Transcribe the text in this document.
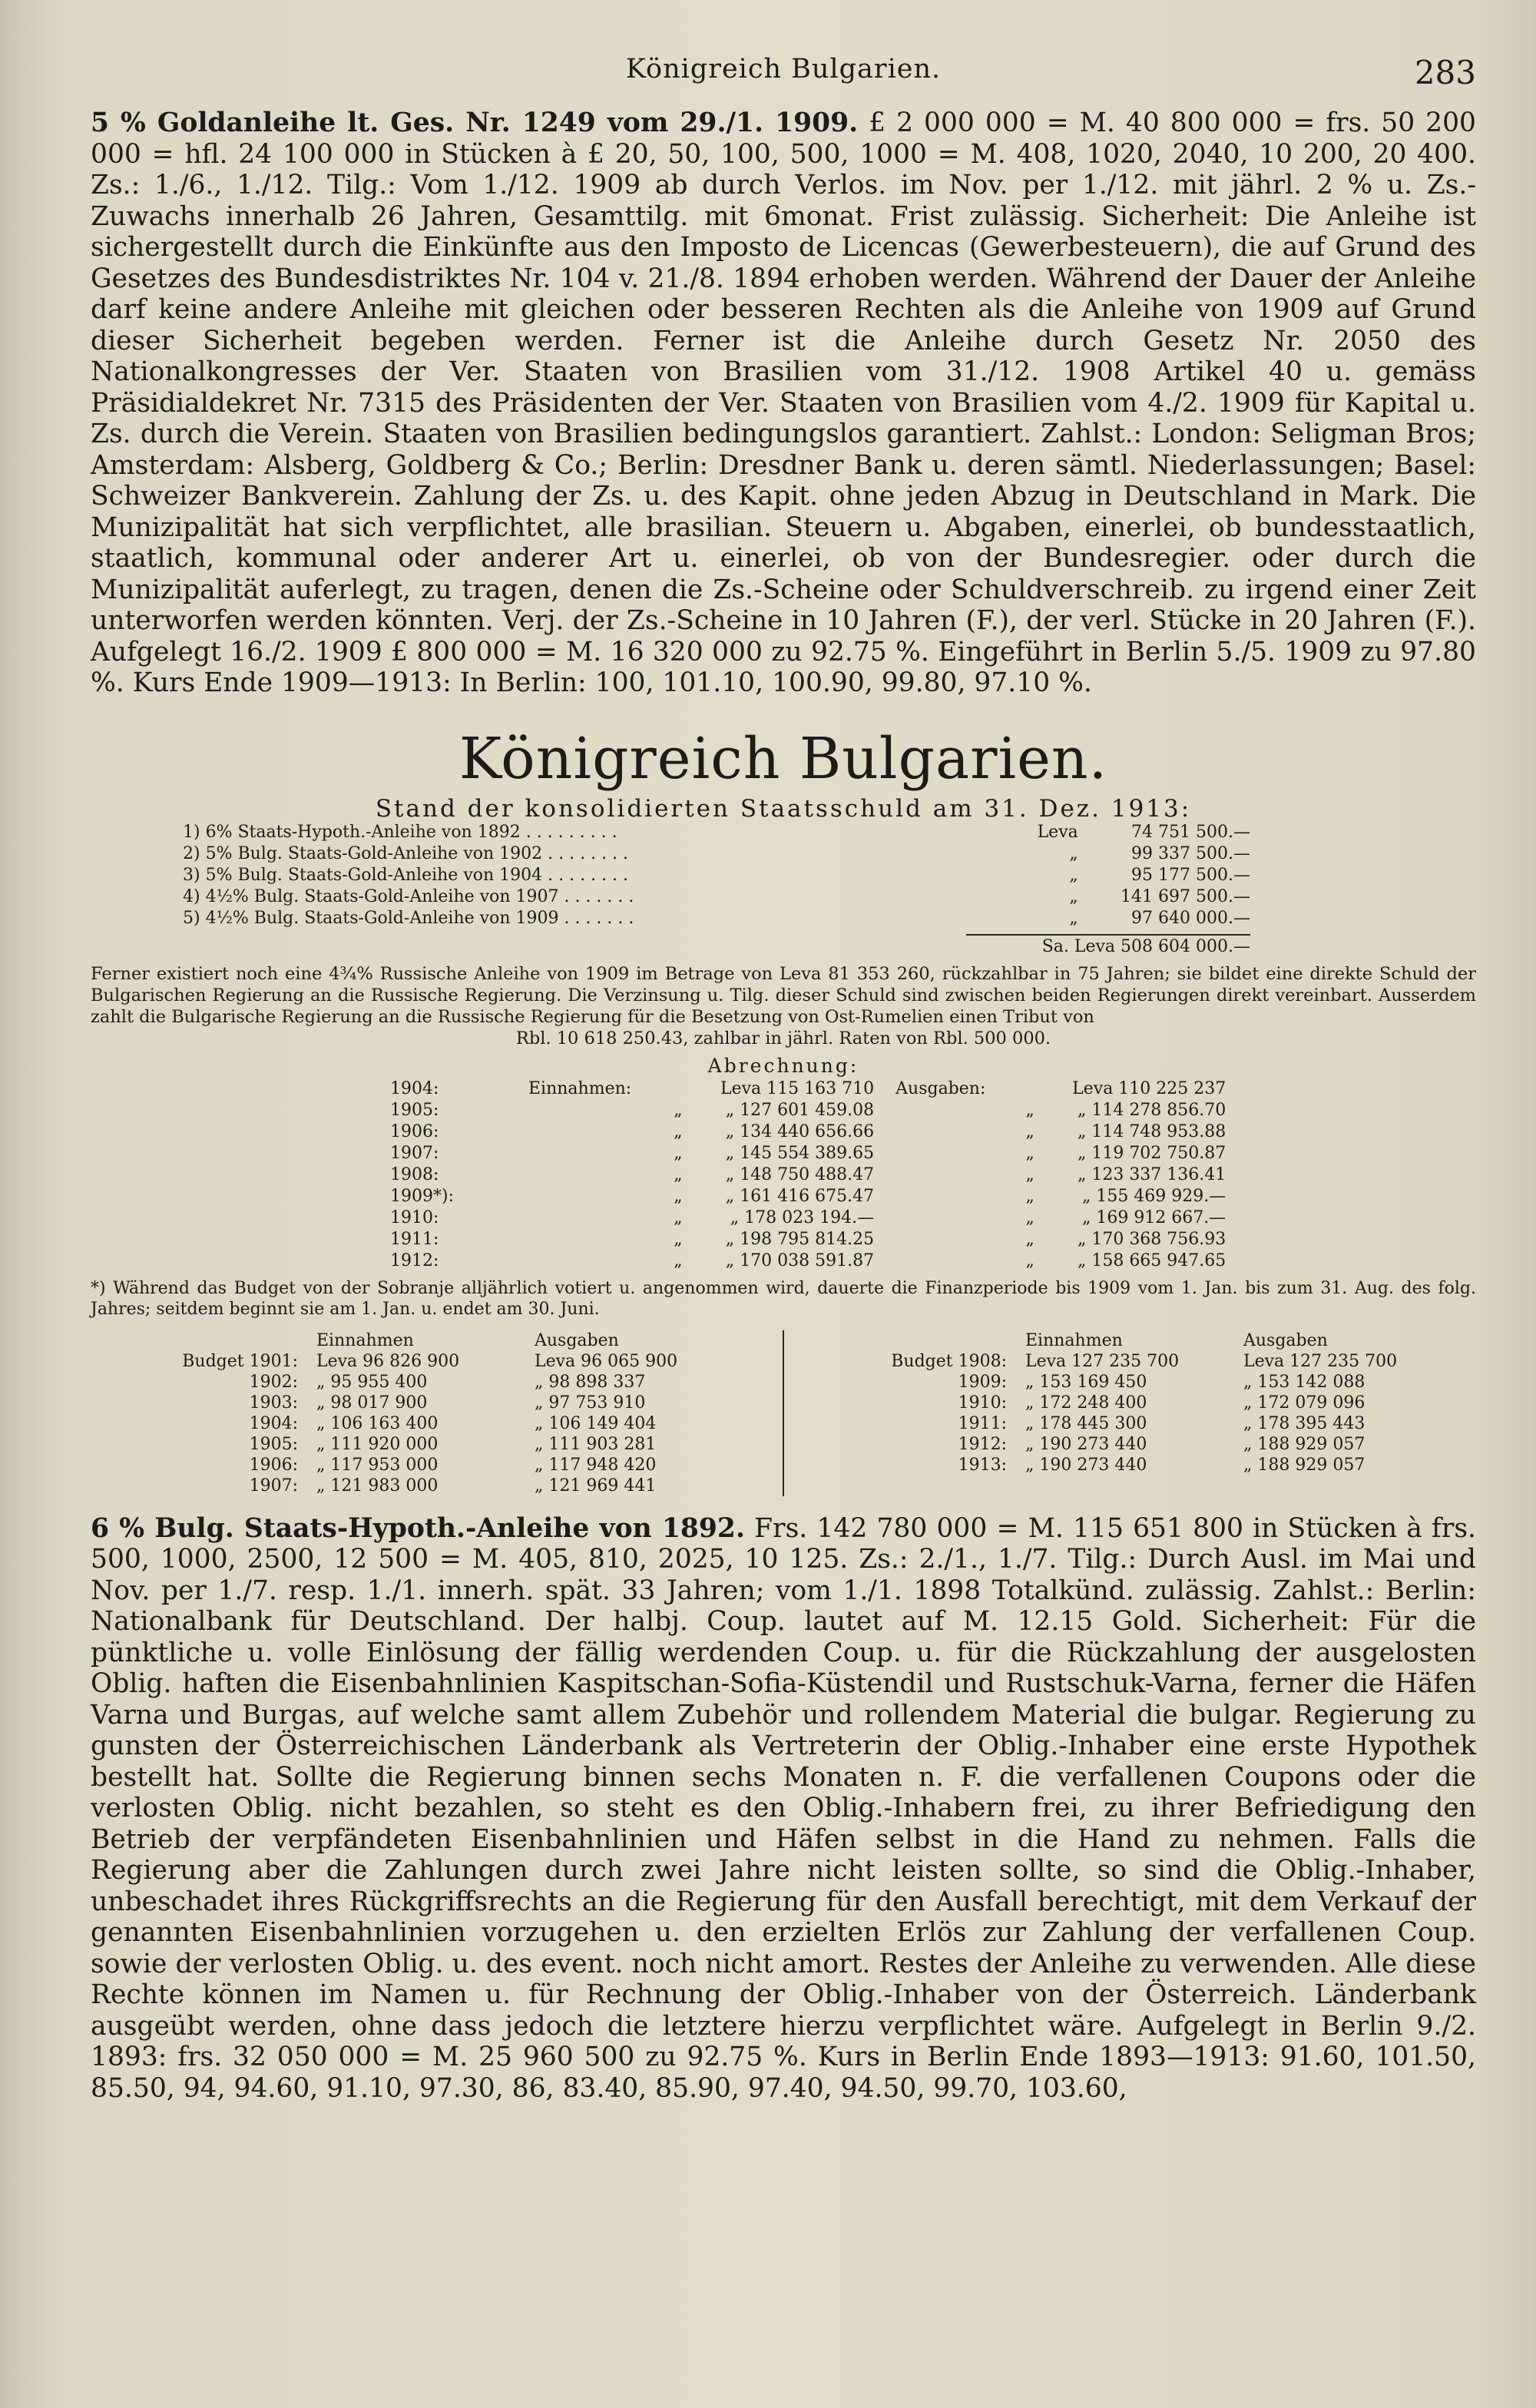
Königreich Bulgarien.	283

5 % Goldanleihe lt. Ges. Nr. 1249 vom 29./1. 1909. £ 2 000 000 = M. 40 800 000 = frs. 50 200 000 = hfl. 24 100 000 in Stücken à £ 20, 50, 100, 500, 1000 = M. 408, 1020, 2040, 10 200, 20 400. Zs.: 1./6., 1./12. Tilg.: Vom 1./12. 1909 ab durch Verlos. im Nov. per 1./12. mit jährl. 2 % u. Zs.-Zuwachs innerhalb 26 Jahren, Gesamttilg. mit 6monat. Frist zulässig. Sicherheit: Die Anleihe ist sichergestellt durch die Einkünfte aus den Imposto de Licencas (Gewerbesteuern), die auf Grund des Gesetzes des Bundesdistriktes Nr. 104 v. 21./8. 1894 erhoben werden. Während der Dauer der Anleihe darf keine andere Anleihe mit gleichen oder besseren Rechten als die Anleihe von 1909 auf Grund dieser Sicherheit begeben werden. Ferner ist die Anleihe durch Gesetz Nr. 2050 des Nationalkongresses der Ver. Staaten von Brasilien vom 31./12. 1908 Artikel 40 u. gemäss Präsidialdekret Nr. 7315 des Präsidenten der Ver. Staaten von Brasilien vom 4./2. 1909 für Kapital u. Zs. durch die Verein. Staaten von Brasilien bedingungslos garantiert. Zahlst.: London: Seligman Bros; Amsterdam: Alsberg, Goldberg & Co.; Berlin: Dresdner Bank u. deren sämtl. Niederlassungen; Basel: Schweizer Bankverein. Zahlung der Zs. u. des Kapit. ohne jeden Abzug in Deutschland in Mark. Die Munizipalität hat sich verpflichtet, alle brasilian. Steuern u. Abgaben, einerlei, ob bundesstaatlich, staatlich, kommunal oder anderer Art u. einerlei, ob von der Bundesregier. oder durch die Munizipalität auferlegt, zu tragen, denen die Zs.-Scheine oder Schuldverschreib. zu irgend einer Zeit unterworfen werden könnten. Verj. der Zs.-Scheine in 10 Jahren (F.), der verl. Stücke in 20 Jahren (F.). Aufgelegt 16./2. 1909 £ 800 000 = M. 16 320 000 zu 92.75 %. Eingeführt in Berlin 5./5. 1909 zu 97.80 %. Kurs Ende 1909—1913: In Berlin: 100, 101.10, 100.90, 99.80, 97.10 %.

Königreich Bulgarien.
Stand der konsolidierten Staatsschuld am 31. Dez. 1913:
1) 6% Staats-Hypoth.-Anleihe von 1892 . . . . . . . . .	Leva	74 751 500.—
2) 5% Bulg. Staats-Gold-Anleihe von 1902 . . . . . . . .	„	99 337 500.—
3) 5% Bulg. Staats-Gold-Anleihe von 1904 . . . . . . . .	„	95 177 500.—
4) 4½% Bulg. Staats-Gold-Anleihe von 1907 . . . . . . .	„	141 697 500.—
5) 4½% Bulg. Staats-Gold-Anleihe von 1909 . . . . . . .	„	97 640 000.—
Sa. Leva 508 604 000.—

Ferner existiert noch eine 4¾% Russische Anleihe von 1909 im Betrage von Leva 81 353 260, rückzahlbar in 75 Jahren; sie bildet eine direkte Schuld der Bulgarischen Regierung an die Russische Regierung. Die Verzinsung u. Tilg. dieser Schuld sind zwischen beiden Regierungen direkt vereinbart. Ausserdem zahlt die Bulgarische Regierung an die Russische Regierung für die Besetzung von Ost-Rumelien einen Tribut von

Rbl. 10 618 250.43, zahlbar in jährl. Raten von Rbl. 500 000.

Abrechnung:
1904:	Einnahmen:		Leva 115 163 710	Ausgaben:		Leva 110 225 237
1905:		„	„ 127 601 459.08		„	„ 114 278 856.70
1906:		„	„ 134 440 656.66		„	„ 114 748 953.88
1907:		„	„ 145 554 389.65		„	„ 119 702 750.87
1908:		„	„ 148 750 488.47		„	„ 123 337 136.41
1909*):		„	„ 161 416 675.47		„	„ 155 469 929.—
1910:		„	„ 178 023 194.—		„	„ 169 912 667.—
1911:		„	„ 198 795 814.25		„	„ 170 368 756.93
1912:		„	„ 170 038 591.87		„	„ 158 665 947.65

*) Während das Budget von der Sobranje alljährlich votiert u. angenommen wird, dauerte die Finanzperiode bis 1909 vom 1. Jan. bis zum 31. Aug. des folg. Jahres; seitdem beginnt sie am 1. Jan. u. endet am 30. Juni.

	Einnahmen	Ausgaben
Budget 1901:	Leva 96 826 900	Leva 96 065 900
1902:	„ 95 955 400	„ 98 898 337
1903:	„ 98 017 900	„ 97 753 910
1904:	„ 106 163 400	„ 106 149 404
1905:	„ 111 920 000	„ 111 903 281
1906:	„ 117 953 000	„ 117 948 420
1907:	„ 121 983 000	„ 121 969 441
	Einnahmen	Ausgaben
Budget 1908:	Leva 127 235 700	Leva 127 235 700
1909:	„ 153 169 450	„ 153 142 088
1910:	„ 172 248 400	„ 172 079 096
1911:	„ 178 445 300	„ 178 395 443
1912:	„ 190 273 440	„ 188 929 057
1913:	„ 190 273 440	„ 188 929 057

6 % Bulg. Staats-Hypoth.-Anleihe von 1892. Frs. 142 780 000 = M. 115 651 800 in Stücken à frs. 500, 1000, 2500, 12 500 = M. 405, 810, 2025, 10 125. Zs.: 2./1., 1./7. Tilg.: Durch Ausl. im Mai und Nov. per 1./7. resp. 1./1. innerh. spät. 33 Jahren; vom 1./1. 1898 Totalkünd. zulässig. Zahlst.: Berlin: Nationalbank für Deutschland. Der halbj. Coup. lautet auf M. 12.15 Gold. Sicherheit: Für die pünktliche u. volle Einlösung der fällig werdenden Coup. u. für die Rückzahlung der ausgelosten Oblig. haften die Eisenbahnlinien Kaspitschan-Sofia-Küstendil und Rustschuk-Varna, ferner die Häfen Varna und Burgas, auf welche samt allem Zubehör und rollendem Material die bulgar. Regierung zu gunsten der Österreichischen Länderbank als Vertreterin der Oblig.-Inhaber eine erste Hypothek bestellt hat. Sollte die Regierung binnen sechs Monaten n. F. die verfallenen Coupons oder die verlosten Oblig. nicht bezahlen, so steht es den Oblig.-Inhabern frei, zu ihrer Befriedigung den Betrieb der verpfändeten Eisenbahnlinien und Häfen selbst in die Hand zu nehmen. Falls die Regierung aber die Zahlungen durch zwei Jahre nicht leisten sollte, so sind die Oblig.-Inhaber, unbeschadet ihres Rückgriffsrechts an die Regierung für den Ausfall berechtigt, mit dem Verkauf der genannten Eisenbahnlinien vorzugehen u. den erzielten Erlös zur Zahlung der verfallenen Coup. sowie der verlosten Oblig. u. des event. noch nicht amort. Restes der Anleihe zu verwenden. Alle diese Rechte können im Namen u. für Rechnung der Oblig.-Inhaber von der Österreich. Länderbank ausgeübt werden, ohne dass jedoch die letztere hierzu verpflichtet wäre. Aufgelegt in Berlin 9./2. 1893: frs. 32 050 000 = M. 25 960 500 zu 92.75 %. Kurs in Berlin Ende 1893—1913: 91.60, 101.50, 85.50, 94, 94.60, 91.10, 97.30, 86, 83.40, 85.90, 97.40, 94.50, 99.70, 103.60,
